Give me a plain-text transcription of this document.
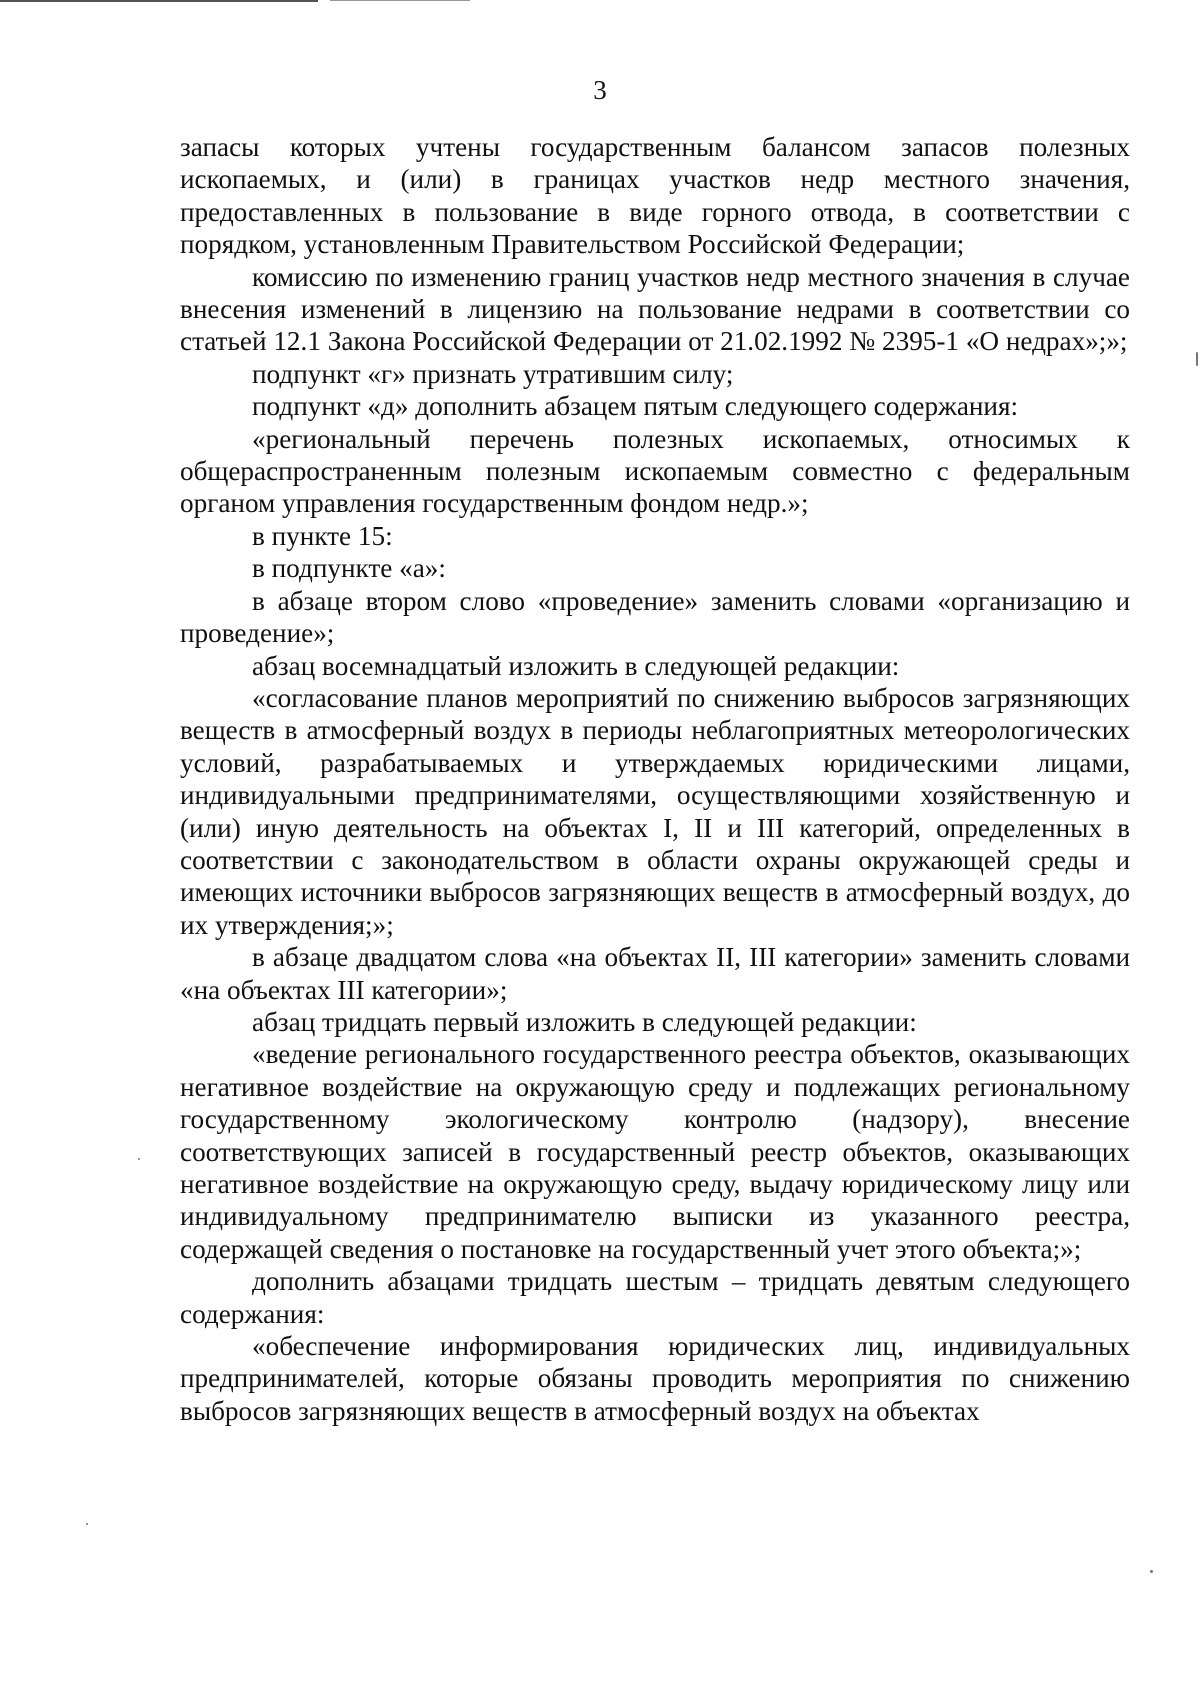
3

запасы которых учтены государственным балансом запасов полезных ископаемых, и (или) в границах участков недр местного значения, предоставленных в пользование в виде горного отвода, в соответствии с порядком, установленным Правительством Российской Федерации;

комиссию по изменению границ участков недр местного значения в случае внесения изменений в лицензию на пользование недрами в соответствии со статьей 12.1 Закона Российской Федерации от 21.02.1992 № 2395-1 «О недрах»;»;

подпункт «г» признать утратившим силу;

подпункт «д» дополнить абзацем пятым следующего содержания:

«региональный перечень полезных ископаемых, относимых к общераспространенным полезным ископаемым совместно с федеральным органом управления государственным фондом недр.»;

в пункте 15:

в подпункте «а»:

в абзаце втором слово «проведение» заменить словами «организацию и проведение»;

абзац восемнадцатый изложить в следующей редакции:

«согласование планов мероприятий по снижению выбросов загрязняющих веществ в атмосферный воздух в периоды неблагоприятных метеорологических условий, разрабатываемых и утверждаемых юридическими лицами, индивидуальными предпринимателями, осуществляющими хозяйственную и (или) иную деятельность на объектах I, II и III категорий, определенных в соответствии с законодательством в области охраны окружающей среды и имеющих источники выбросов загрязняющих веществ в атмосферный воздух, до их утверждения;»;

в абзаце двадцатом слова «на объектах II, III категории» заменить словами «на объектах III категории»;

абзац тридцать первый изложить в следующей редакции:

«ведение регионального государственного реестра объектов, оказывающих негативное воздействие на окружающую среду и подлежащих региональному государственному экологическому контролю (надзору), внесение соответствующих записей в государственный реестр объектов, оказывающих негативное воздействие на окружающую среду, выдачу юридическому лицу или индивидуальному предпринимателю выписки из указанного реестра, содержащей сведения о постановке на государственный учет этого объекта;»;

дополнить абзацами тридцать шестым – тридцать девятым следующего содержания:

«обеспечение информирования юридических лиц, индивидуальных предпринимателей, которые обязаны проводить мероприятия по снижению выбросов загрязняющих веществ в атмосферный воздух на объектах
